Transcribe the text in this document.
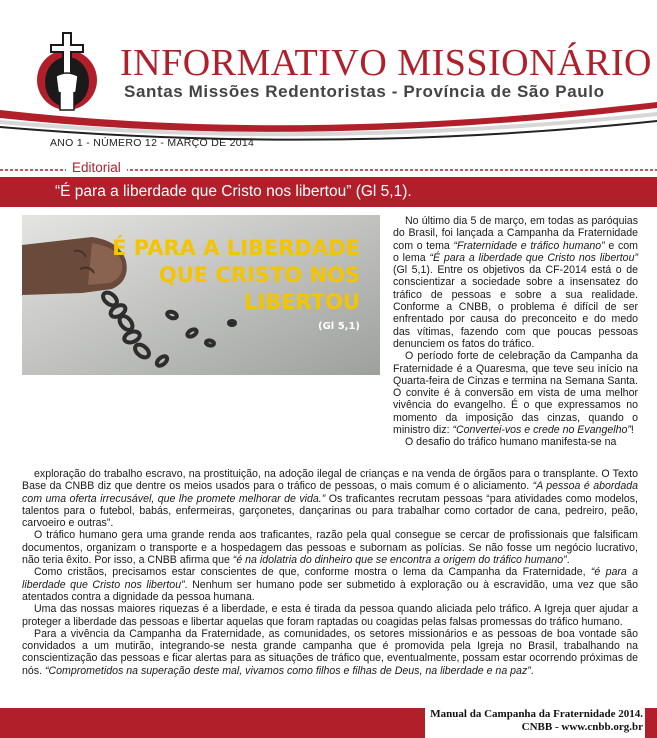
INFORMATIVO MISSIONÁRIO
Santas Missões Redentoristas - Província de São Paulo
ANO 1 - NÚMERO 12 - MARÇO DE 2014
Editorial
“É para a liberdade que Cristo nos libertou” (Gl 5,1).
É PARA A LIBERDADE
QUE CRISTO NOS
LIBERTOU
(Gl 5,1)

No último dia 5 de março, em todas as paróquias do Brasil, foi lançada a Campanha da Fraternidade com o tema “Fraternidade e tráfico humano” e com o lema “É para a liberdade que Cristo nos libertou” (Gl 5,1). Entre os objetivos da CF-2014 está o de conscientizar a sociedade sobre a insensatez do tráfico de pessoas e sobre a sua realidade. Conforme a CNBB, o problema é difícil de ser enfrentado por causa do preconceito e do medo das vítimas, fazendo com que poucas pessoas denunciem os fatos do tráfico.

O período forte de celebração da Campanha da Fraternidade é a Quaresma, que teve seu início na Quarta-feira de Cinzas e termina na Semana Santa. O convite é à conversão em vista de uma melhor vivência do evangelho. É o que expressamos no momento da imposição das cinzas, quando o ministro diz: “Convertei-vos e crede no Evangelho”!

O desafio do tráfico humano manifesta-se na

exploração do trabalho escravo, na prostituição, na adoção ilegal de crianças e na venda de órgãos para o transplante. O Texto Base da CNBB diz que dentre os meios usados para o tráfico de pessoas, o mais comum é o aliciamento. “A pessoa é abordada com uma oferta irrecusável, que lhe promete melhorar de vida.” Os traficantes recrutam pessoas “para atividades como modelos, talentos para o futebol, babás, enfermeiras, garçonetes, dançarinas ou para trabalhar como cortador de cana, pedreiro, peão, carvoeiro e outras”.

O tráfico humano gera uma grande renda aos traficantes, razão pela qual consegue se cercar de profissionais que falsificam documentos, organizam o transporte e a hospedagem das pessoas e subornam as polícias. Se não fosse um negócio lucrativo, não teria êxito. Por isso, a CNBB afirma que “é na idolatria do dinheiro que se encontra a origem do tráfico humano”.

Como cristãos, precisamos estar conscientes de que, conforme mostra o lema da Campanha da Fraternidade, “é para a liberdade que Cristo nos libertou”. Nenhum ser humano pode ser submetido à exploração ou à escravidão, uma vez que são atentados contra a dignidade da pessoa humana.

Uma das nossas maiores riquezas é a liberdade, e esta é tirada da pessoa quando aliciada pelo tráfico. A Igreja quer ajudar a proteger a liberdade das pessoas e libertar aquelas que foram raptadas ou coagidas pelas falsas promessas do tráfico humano.

Para a vivência da Campanha da Fraternidade, as comunidades, os setores missionários e as pessoas de boa vontade são convidados a um mutirão, integrando-se nesta grande campanha que é promovida pela Igreja no Brasil, trabalhando na conscientização das pessoas e ficar alertas para as situações de tráfico que, eventualmente, possam estar ocorrendo próximas de nós. “Comprometidos na superação deste mal, vivamos como filhos e filhas de Deus, na liberdade e na paz”.

Manual da Campanha da Fraternidade 2014.
CNBB - www.cnbb.org.br
